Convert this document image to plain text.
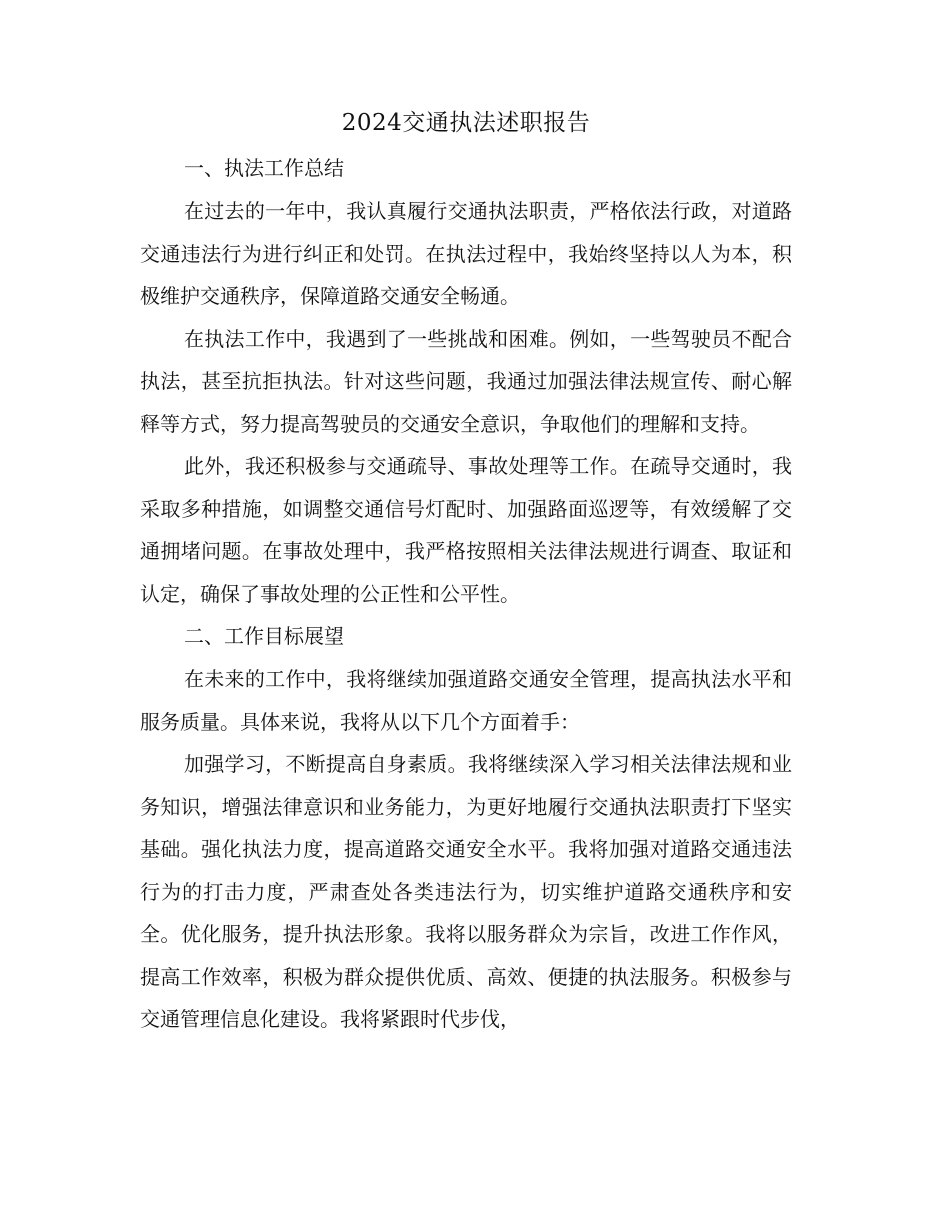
2024交通执法述职报告
一、执法工作总结

在过去的一年中，我认真履行交通执法职责，严格依法行政，对道路交通违法行为进行纠正和处罚。在执法过程中，我始终坚持以人为本，积极维护交通秩序，保障道路交通安全畅通。

在执法工作中，我遇到了一些挑战和困难。例如，一些驾驶员不配合执法，甚至抗拒执法。针对这些问题，我通过加强法律法规宣传、耐心解释等方式，努力提高驾驶员的交通安全意识，争取他们的理解和支持。

此外，我还积极参与交通疏导、事故处理等工作。在疏导交通时，我采取多种措施，如调整交通信号灯配时、加强路面巡逻等，有效缓解了交通拥堵问题。在事故处理中，我严格按照相关法律法规进行调查、取证和认定，确保了事故处理的公正性和公平性。

二、工作目标展望

在未来的工作中，我将继续加强道路交通安全管理，提高执法水平和服务质量。具体来说，我将从以下几个方面着手：

加强学习，不断提高自身素质。我将继续深入学习相关法律法规和业务知识，增强法律意识和业务能力，为更好地履行交通执法职责打下坚实基础。强化执法力度，提高道路交通安全水平。我将加强对道路交通违法行为的打击力度，严肃查处各类违法行为，切实维护道路交通秩序和安全。优化服务，提升执法形象。我将以服务群众为宗旨，改进工作作风，提高工作效率，积极为群众提供优质、高效、便捷的执法服务。积极参与交通管理信息化建设。我将紧跟时代步伐，
